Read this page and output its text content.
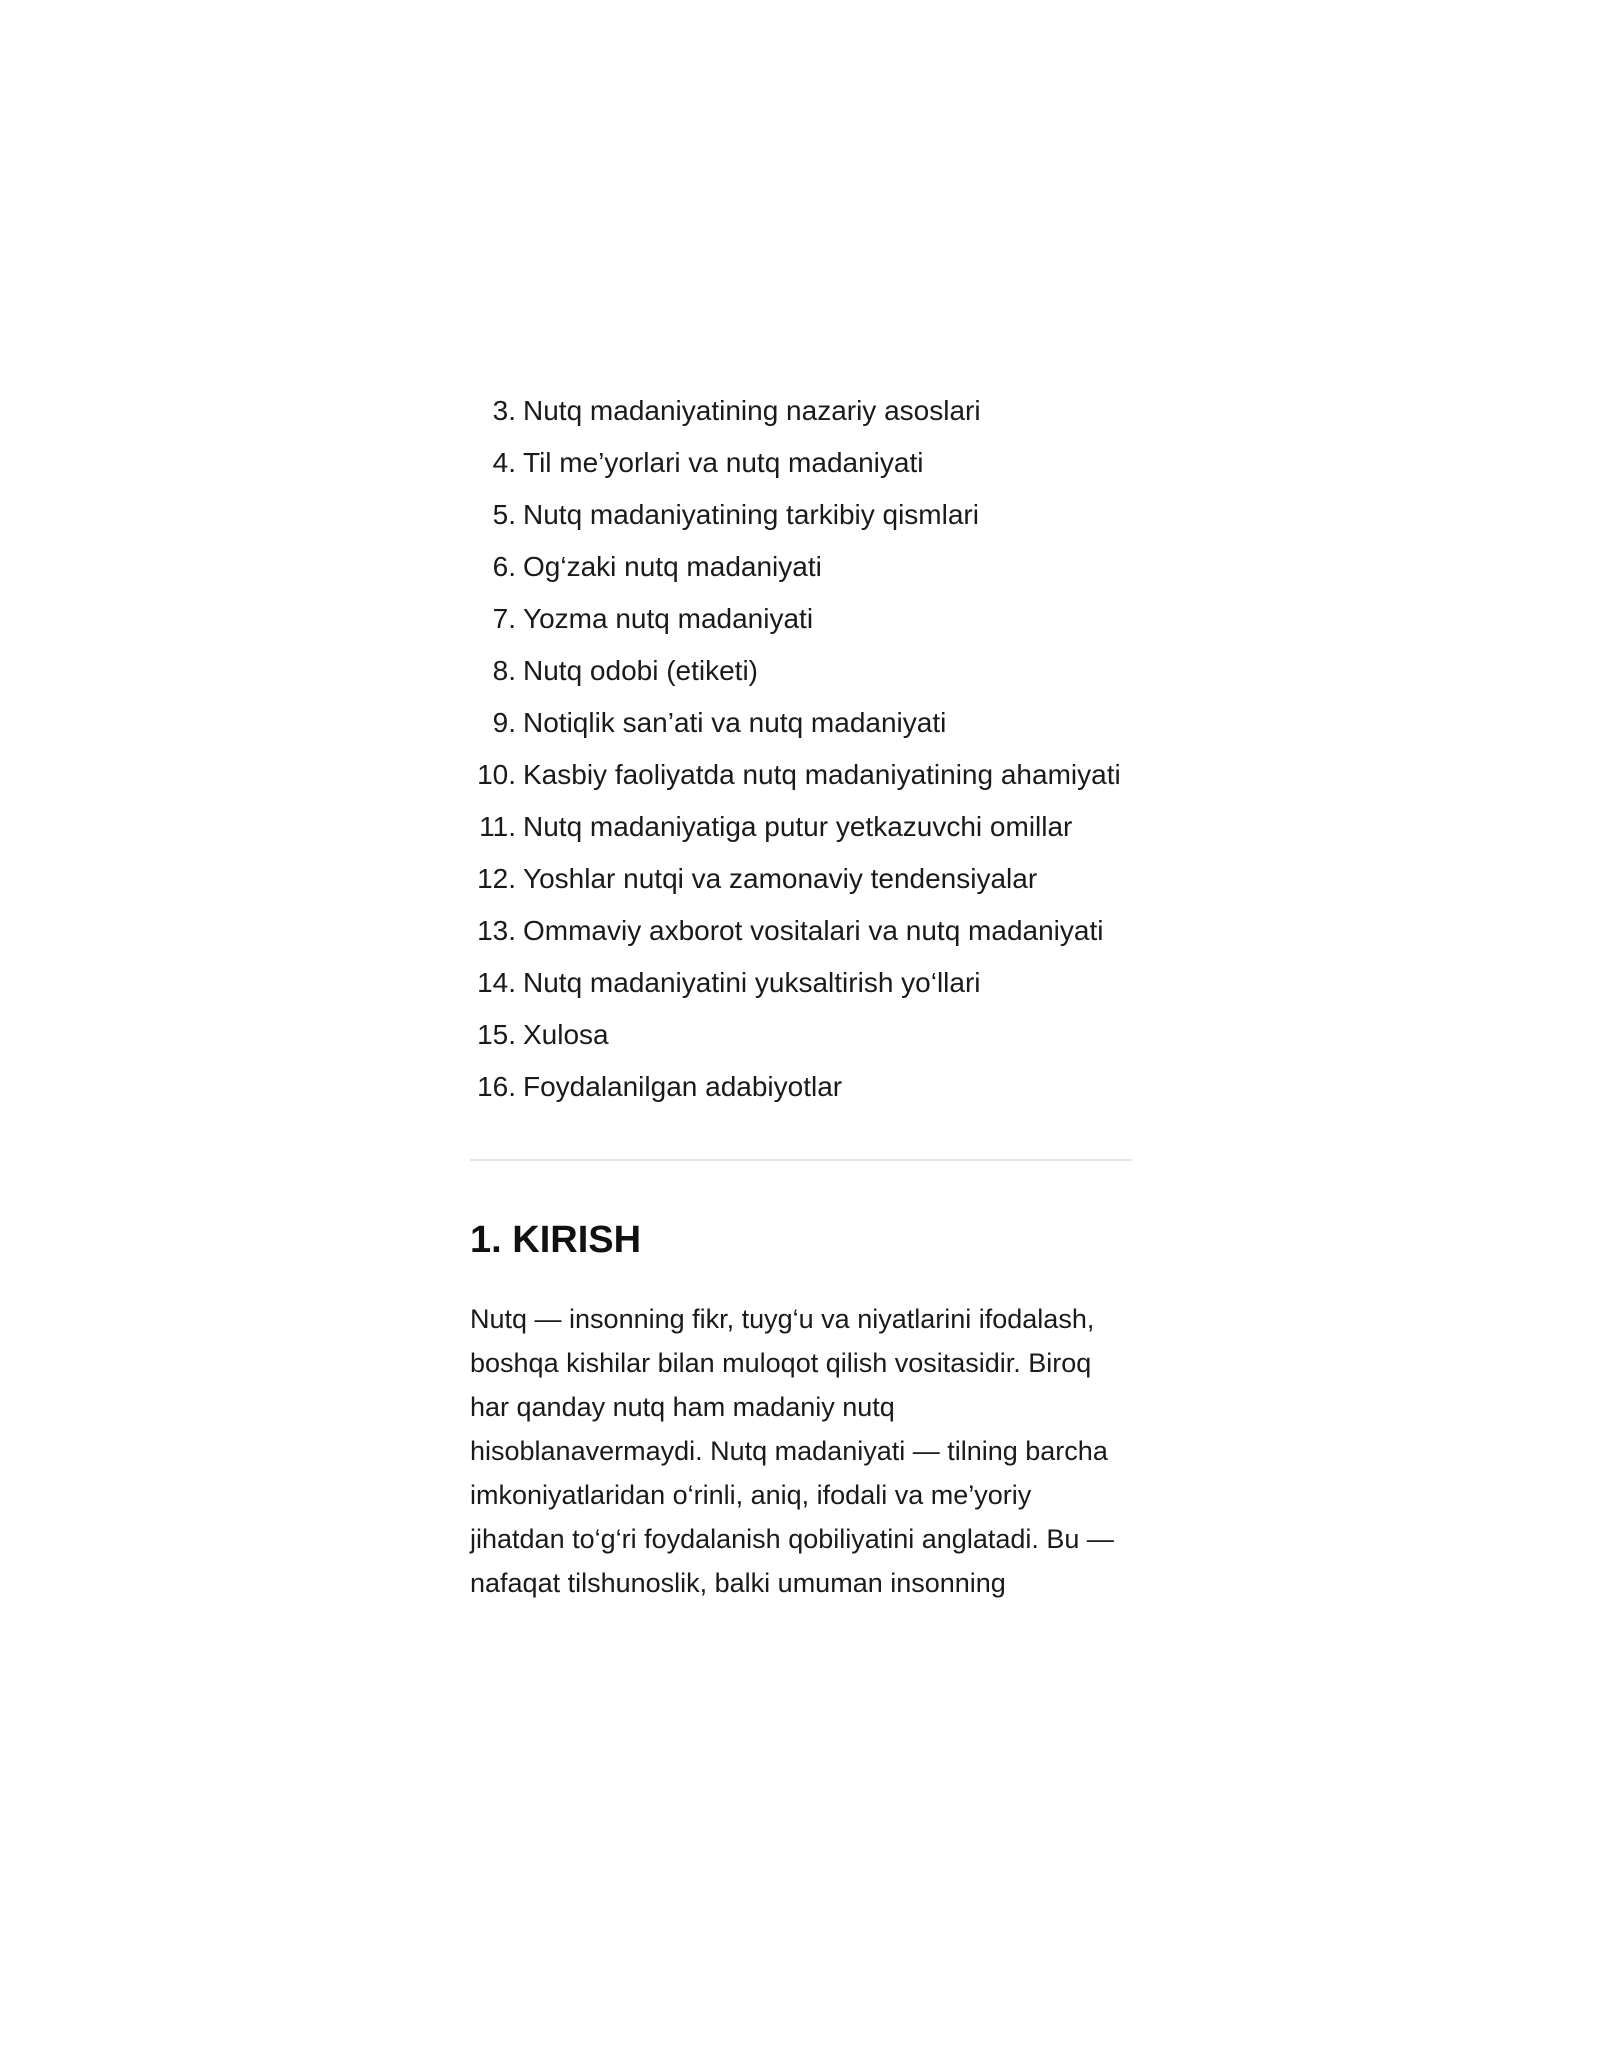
3. Nutq madaniyatining nazariy asoslari
4. Til me’yorlari va nutq madaniyati
5. Nutq madaniyatining tarkibiy qismlari
6. Og‘zaki nutq madaniyati
7. Yozma nutq madaniyati
8. Nutq odobi (etiketi)
9. Notiqlik san’ati va nutq madaniyati
10. Kasbiy faoliyatda nutq madaniyatining ahamiyati
11. Nutq madaniyatiga putur yetkazuvchi omillar
12. Yoshlar nutqi va zamonaviy tendensiyalar
13. Ommaviy axborot vositalari va nutq madaniyati
14. Nutq madaniyatini yuksaltirish yo‘llari
15. Xulosa
16. Foydalanilgan adabiyotlar
1. KIRISH

Nutq — insonning fikr, tuyg‘u va niyatlarini ifodalash, boshqa kishilar bilan muloqot qilish vositasidir. Biroq har qanday nutq ham madaniy nutq hisoblanavermaydi. Nutq madaniyati — tilning barcha imkoniyatlaridan o‘rinli, aniq, ifodali va me’yoriy jihatdan to‘g‘ri foydalanish qobiliyatini anglatadi. Bu — nafaqat tilshunoslik, balki umuman insonning
